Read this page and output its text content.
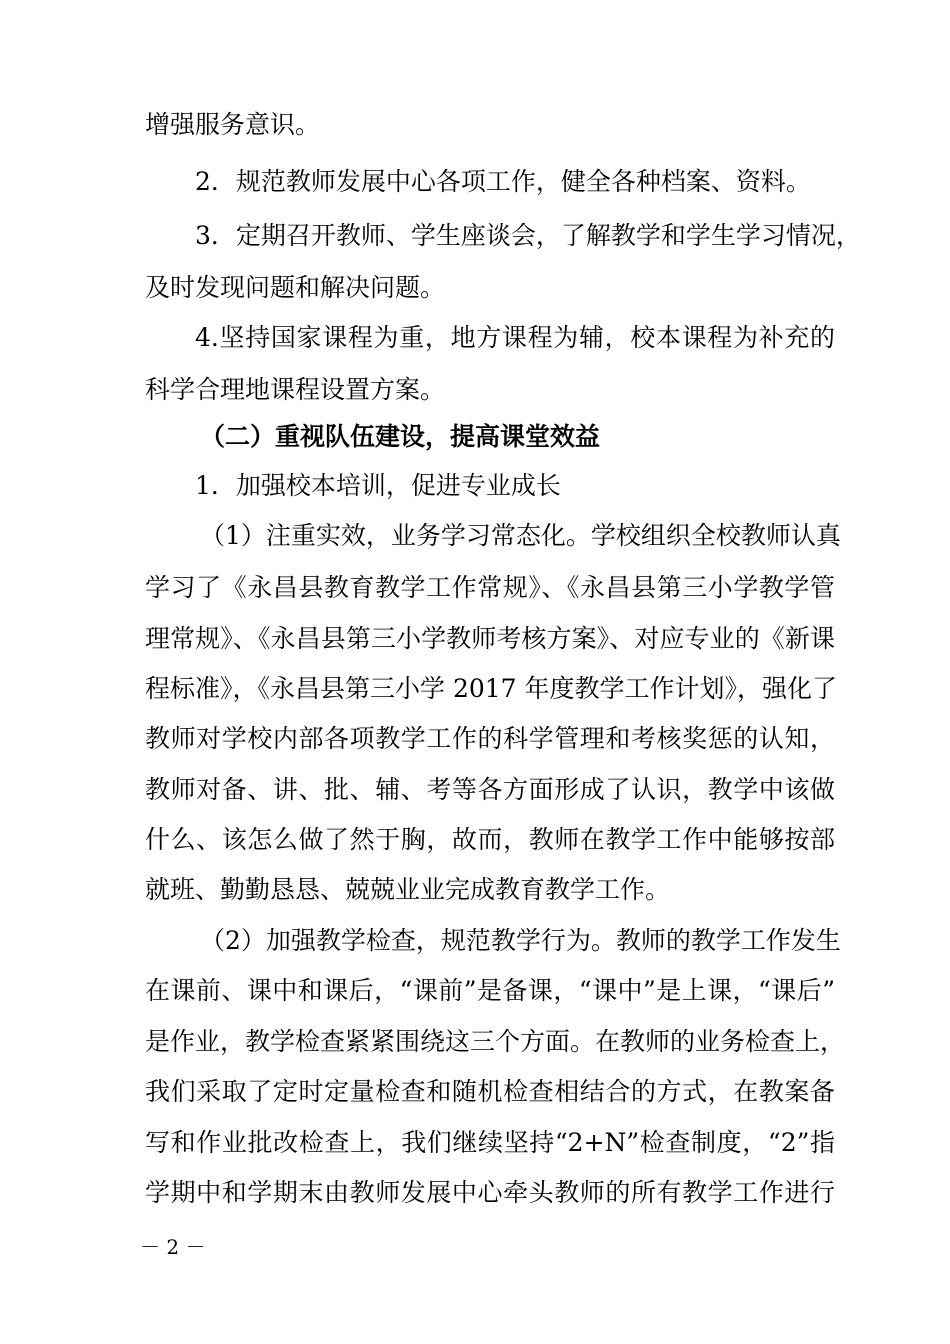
增强服务意识。
2．规范教师发展中心各项工作，健全各种档案、资料。
3．定期召开教师、学生座谈会，了解教学和学生学习情况，
及时发现问题和解决问题。
4.坚持国家课程为重，地方课程为辅，校本课程为补充的
科学合理地课程设置方案。
（二）重视队伍建设，提高课堂效益
1．加强校本培训，促进专业成长
（1）注重实效，业务学习常态化。学校组织全校教师认真
学习了《永昌县教育教学工作常规》、《永昌县第三小学教学管
理常规》、《永昌县第三小学教师考核方案》、对应专业的《新课
程标准》，《永昌县第三小学 2017 年度教学工作计划》，强化了
教师对学校内部各项教学工作的科学管理和考核奖惩的认知，
教师对备、讲、批、辅、考等各方面形成了认识，教学中该做
什么、该怎么做了然于胸，故而，教师在教学工作中能够按部
就班、勤勤恳恳、兢兢业业完成教育教学工作。
（2）加强教学检查，规范教学行为。教师的教学工作发生
在课前、课中和课后，“课前”是备课，“课中”是上课，“课后”
是作业，教学检查紧紧围绕这三个方面。在教师的业务检查上，
我们采取了定时定量检查和随机检查相结合的方式，在教案备
写和作业批改检查上，我们继续坚持“2+N”检查制度，“2”指
学期中和学期末由教师发展中心牵头教师的所有教学工作进行
－ 2 －
